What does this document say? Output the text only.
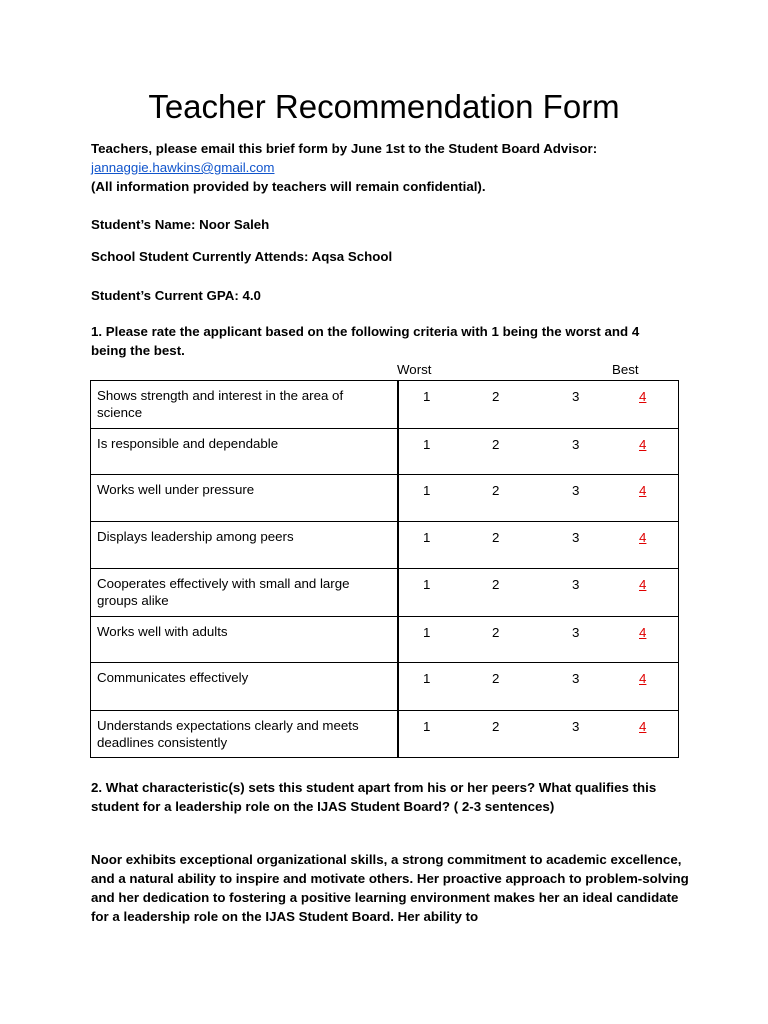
Teacher Recommendation Form
Teachers, please email this brief form by June 1st to the Student Board Advisor:
jannaggie.hawkins@gmail.com
(All information provided by teachers will remain confidential).
Student’s Name: Noor Saleh
School Student Currently Attends: Aqsa School
Student’s Current GPA: 4.0
1. Please rate the applicant based on the following criteria with 1 being the worst and 4
being the best.
Worst	Best
Shows strength and interest in the area of science	1 2 3 4

Is responsible and dependable	1 2 3 4

Works well under pressure	1 2 3 4

Displays leadership among peers	1 2 3 4

Cooperates effectively with small and large groups alike	1 2 3 4

Works well with adults	1 2 3 4

Communicates effectively	1 2 3 4

Understands expectations clearly and meets deadlines consistently	1 2 3 4
2. What characteristic(s) sets this student apart from his or her peers? What qualifies this student for a leadership role on the IJAS Student Board? ( 2-3 sentences)
Noor exhibits exceptional organizational skills, a strong commitment to academic excellence, and a natural ability to inspire and motivate others. Her proactive approach to problem-solving and her dedication to fostering a positive learning environment makes her an ideal candidate for a leadership role on the IJAS Student Board. Her ability to
